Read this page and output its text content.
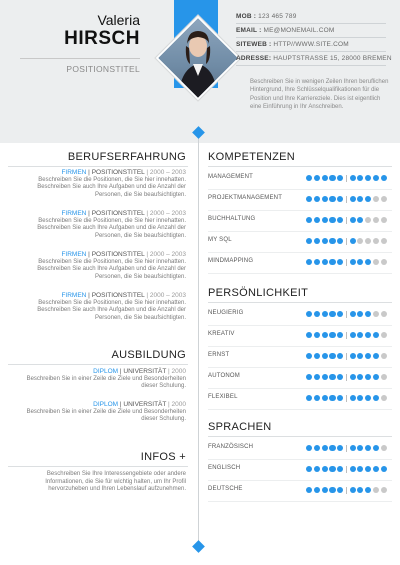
Valeria
HIRSCH
POSITIONSTITEL
MOB : 123 465 789
EMAIL : ME@MONEMAIL.COM
SITEWEB : HTTP//WWW.SITE.COM
ADRESSE: HAUPTSTRASSE 15, 28000 BREMEN
Beschreiben Sie in wenigen Zeilen Ihren beruflichen Hintergrund, Ihre Schlüsselqualifikationen für die Position und Ihre Karriereziele. Dies ist eigentlich eine Einführung in Ihr Anschreiben.
BERUFSERFAHRUNG
FIRMEN | POSITIONSTITEL | 2000 – 2003
Beschreiben Sie die Positionen, die Sie hier innehatten. Beschreiben Sie auch Ihre Aufgaben und die Anzahl der Personen, die Sie beaufsichtigten.
FIRMEN | POSITIONSTITEL | 2000 – 2003
Beschreiben Sie die Positionen, die Sie hier innehatten. Beschreiben Sie auch Ihre Aufgaben und die Anzahl der Personen, die Sie beaufsichtigten.
FIRMEN | POSITIONSTITEL | 2000 – 2003
Beschreiben Sie die Positionen, die Sie hier innehatten. Beschreiben Sie auch Ihre Aufgaben und die Anzahl der Personen, die Sie beaufsichtigten.
FIRMEN | POSITIONSTITEL | 2000 – 2003
Beschreiben Sie die Positionen, die Sie hier innehatten. Beschreiben Sie auch Ihre Aufgaben und die Anzahl der Personen, die Sie beaufsichtigten.
AUSBILDUNG
DIPLOM | UNIVERSITÄT | 2000
Beschreiben Sie in einer Zeile die Ziele und Besonderheiten dieser Schulung.
DIPLOM | UNIVERSITÄT | 2000
Beschreiben Sie in einer Zeile die Ziele und Besonderheiten dieser Schulung.
INFOS +
Beschreiben Sie Ihre Interessengebiete oder andere Informationen, die Sie für wichtig halten, um Ihr Profil hervorzuheben und Ihren Lebenslauf aufzunehmen.
KOMPETENZEN
MANAGEMENT
PROJEKTMANAGEMENT
BUCHHALTUNG
MY SQL
MINDMAPPING
PERSÖNLICHKEIT
NEUGIERIG
KREATIV
ERNST
AUTONOM
FLEXIBEL
SPRACHEN
FRANZÖSISCH
ENGLISCH
DEUTSCHE
